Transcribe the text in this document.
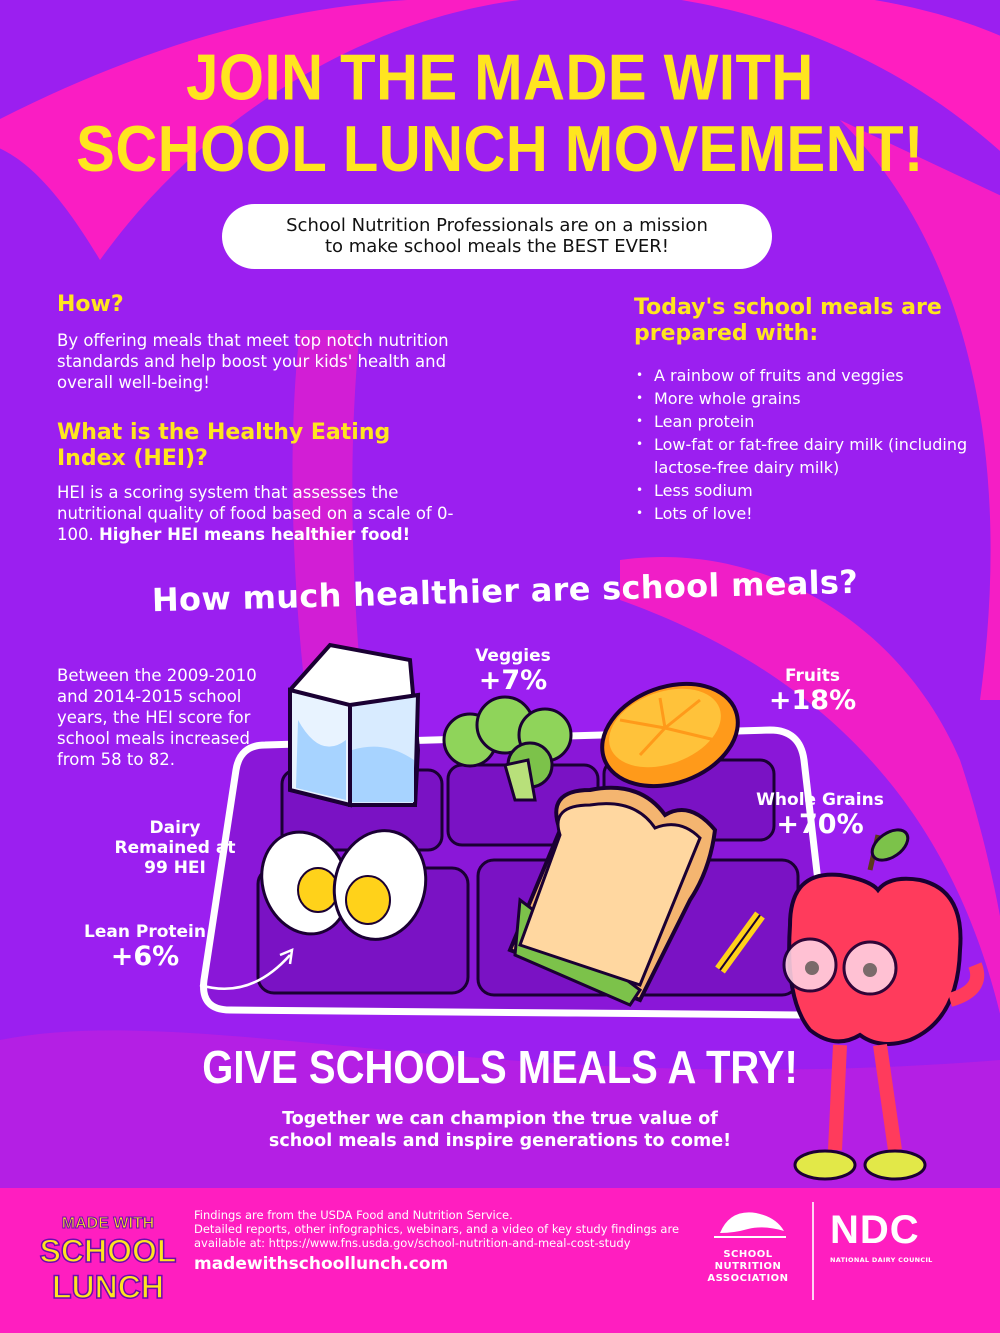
JOIN THE MADE WITH
SCHOOL LUNCH MOVEMENT!
School Nutrition Professionals are on a mission
to make school meals the BEST EVER!
How?
By offering meals that meet top notch nutrition standards and help boost your kids' health and overall well-being!
What is the Healthy Eating Index (HEI)?
HEI is a scoring system that assesses the nutritional quality of food based on a scale of 0-100. Higher HEI means healthier food!
Today's school meals are prepared with:
• A rainbow of fruits and veggies
• More whole grains
• Lean protein
• Low-fat or fat-free dairy milk (including lactose-free dairy milk)
• Less sodium
• Lots of love!
How much healthier are school meals?
Between the 2009-2010 and 2014-2015 school years, the HEI score for school meals increased from 58 to 82.
Veggies
+7%	Fruits
+18%
Whole Grains
+70%
Dairy Remained at 99 HEI
Lean Protein
+6%
GIVE SCHOOLS MEALS A TRY!
Together we can champion the true value of
school meals and inspire generations to come!
MADE WITH
SCHOOL
LUNCH
Findings are from the USDA Food and Nutrition Service.
Detailed reports, other infographics, webinars, and a video of key study findings are available at: https://www.fns.usda.gov/school-nutrition-and-meal-cost-study
madewithschoollunch.com	SCHOOL NUTRITION ASSOCIATION
NDC
NATIONAL DAIRY COUNCIL
